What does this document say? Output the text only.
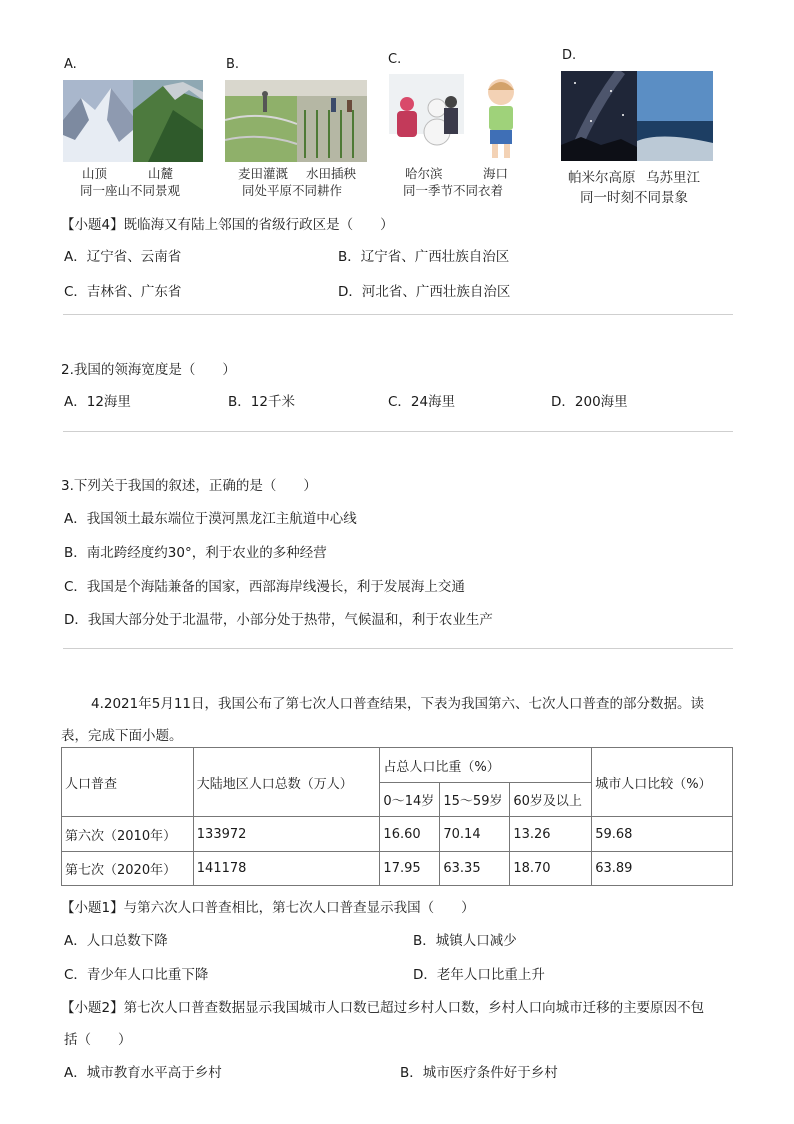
A.
山顶	山麓
同一座山不同景观
B.
麦田灌溉 水田插秧
同处平原不同耕作
C.
哈尔滨	海口
同一季节不同衣着
D.
帕米尔高原 乌苏里江
同一时刻不同景象
【小题4】既临海又有陆上邻国的省级行政区是（　　）
A．辽宁省、云南省	B．辽宁省、广西壮族自治区
C．吉林省、广东省	D．河北省、广西壮族自治区
2.我国的领海宽度是（　　）
A．12海里	B．12千米	C．24海里	D．200海里
3.下列关于我国的叙述，正确的是（　　）
A．我国领土最东端位于漠河黑龙江主航道中心线
B．南北跨经度约30°，利于农业的多种经营
C．我国是个海陆兼备的国家，西部海岸线漫长，利于发展海上交通
D．我国大部分处于北温带，小部分处于热带，气候温和，利于农业生产
4.2021年5月11日，我国公布了第七次人口普查结果，下表为我国第六、七次人口普查的部分数据。读
表，完成下面小题。
人口普查	大陆地区人口总数（万人）	占总人口比重（%）			城市人口比较（%）
		0～14岁	15～59岁	60岁及以上	
第六次（2010年）	133972	16.60	70.14	13.26	59.68
第七次（2020年）	141178	17.95	63.35	18.70	63.89
【小题1】与第六次人口普查相比，第七次人口普查显示我国（　　）
A．人口总数下降	B．城镇人口减少
C．青少年人口比重下降	D．老年人口比重上升
【小题2】第七次人口普查数据显示我国城市人口数已超过乡村人口数，乡村人口向城市迁移的主要原因不包
括（　　）
A．城市教育水平高于乡村	B．城市医疗条件好于乡村
